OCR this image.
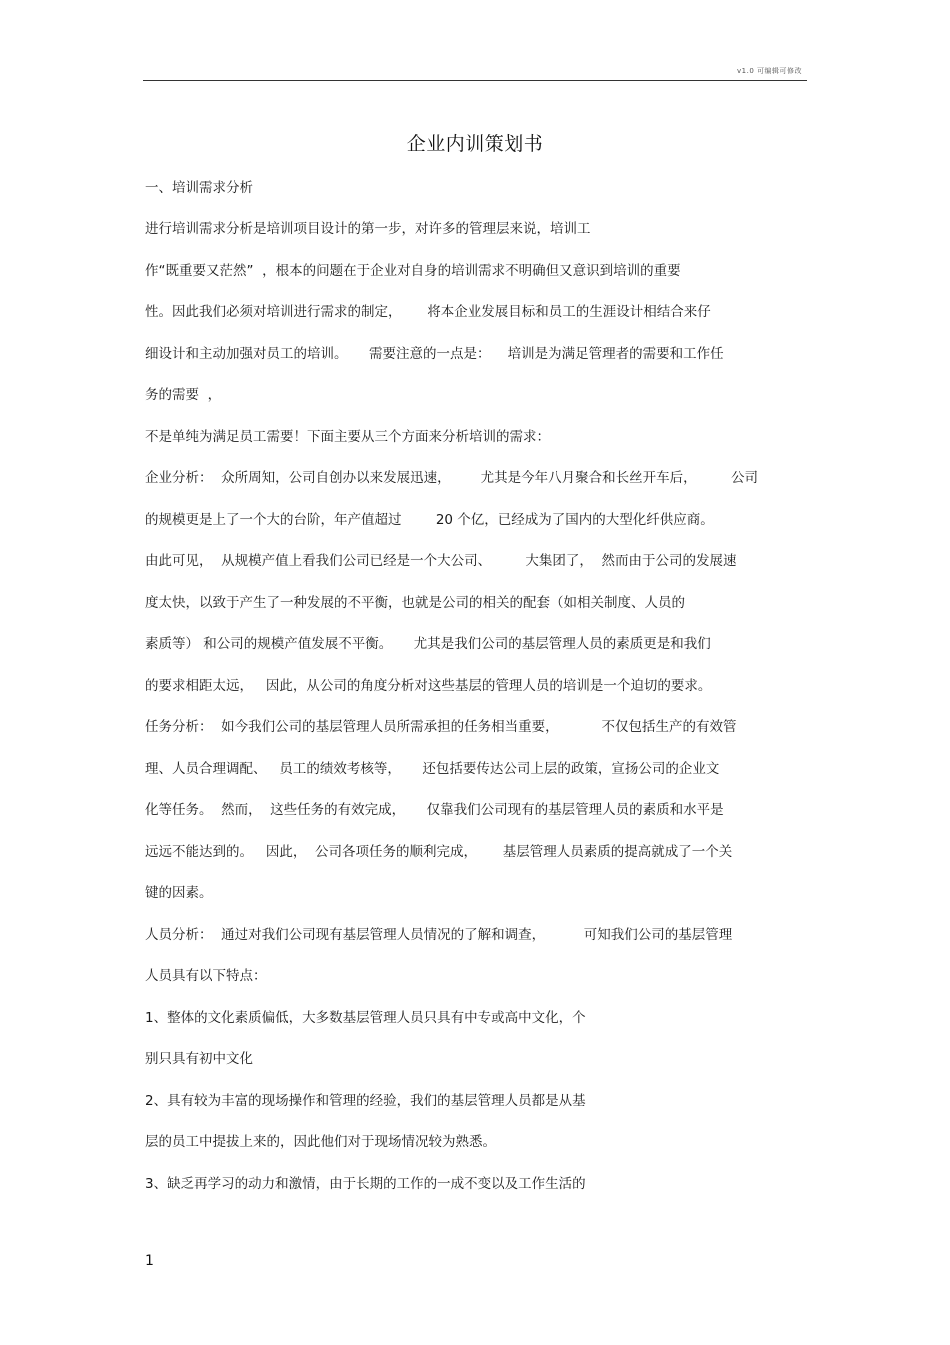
v1.0 可编辑可修改
企业内训策划书
一、培训需求分析
进行培训需求分析是培训项目设计的第一步，对许多的管理层来说，培训工
作“既重要又茫然”  ，根本的问题在于企业对自身的培训需求不明确但又意识到培训的重要
性。因此我们必须对培训进行需求的制定，      将本企业发展目标和员工的生涯设计相结合来仔
细设计和主动加强对员工的培训。     需要注意的一点是：    培训是为满足管理者的需要和工作任
务的需要  ，
不是单纯为满足员工需要！下面主要从三个方面来分析培训的需求：
企业分析：  众所周知，公司自创办以来发展迅速，       尤其是今年八月聚合和长丝开车后，        公司
的规模更是上了一个大的台阶，年产值超过        20 个亿，已经成为了国内的大型化纤供应商。
由此可见，  从规模产值上看我们公司已经是一个大公司、        大集团了，  然而由于公司的发展速
度太快，以致于产生了一种发展的不平衡，也就是公司的相关的配套（如相关制度、人员的
素质等） 和公司的规模产值发展不平衡。     尤其是我们公司的基层管理人员的素质更是和我们
的要求相距太远，   因此，从公司的角度分析对这些基层的管理人员的培训是一个迫切的要求。
任务分析：  如今我们公司的基层管理人员所需承担的任务相当重要，          不仅包括生产的有效管
理、人员合理调配、   员工的绩效考核等，     还包括要传达公司上层的政策，宣扬公司的企业文
化等任务。  然而，  这些任务的有效完成，     仅靠我们公司现有的基层管理人员的素质和水平是
远远不能达到的。   因此，  公司各项任务的顺利完成，      基层管理人员素质的提高就成了一个关
键的因素。
人员分析：  通过对我们公司现有基层管理人员情况的了解和调查，         可知我们公司的基层管理
人员具有以下特点：
1、整体的文化素质偏低，大多数基层管理人员只具有中专或高中文化，个
别只具有初中文化
2、具有较为丰富的现场操作和管理的经验，我们的基层管理人员都是从基
层的员工中提拔上来的，因此他们对于现场情况较为熟悉。
3、缺乏再学习的动力和激情，由于长期的工作的一成不变以及工作生活的
1
